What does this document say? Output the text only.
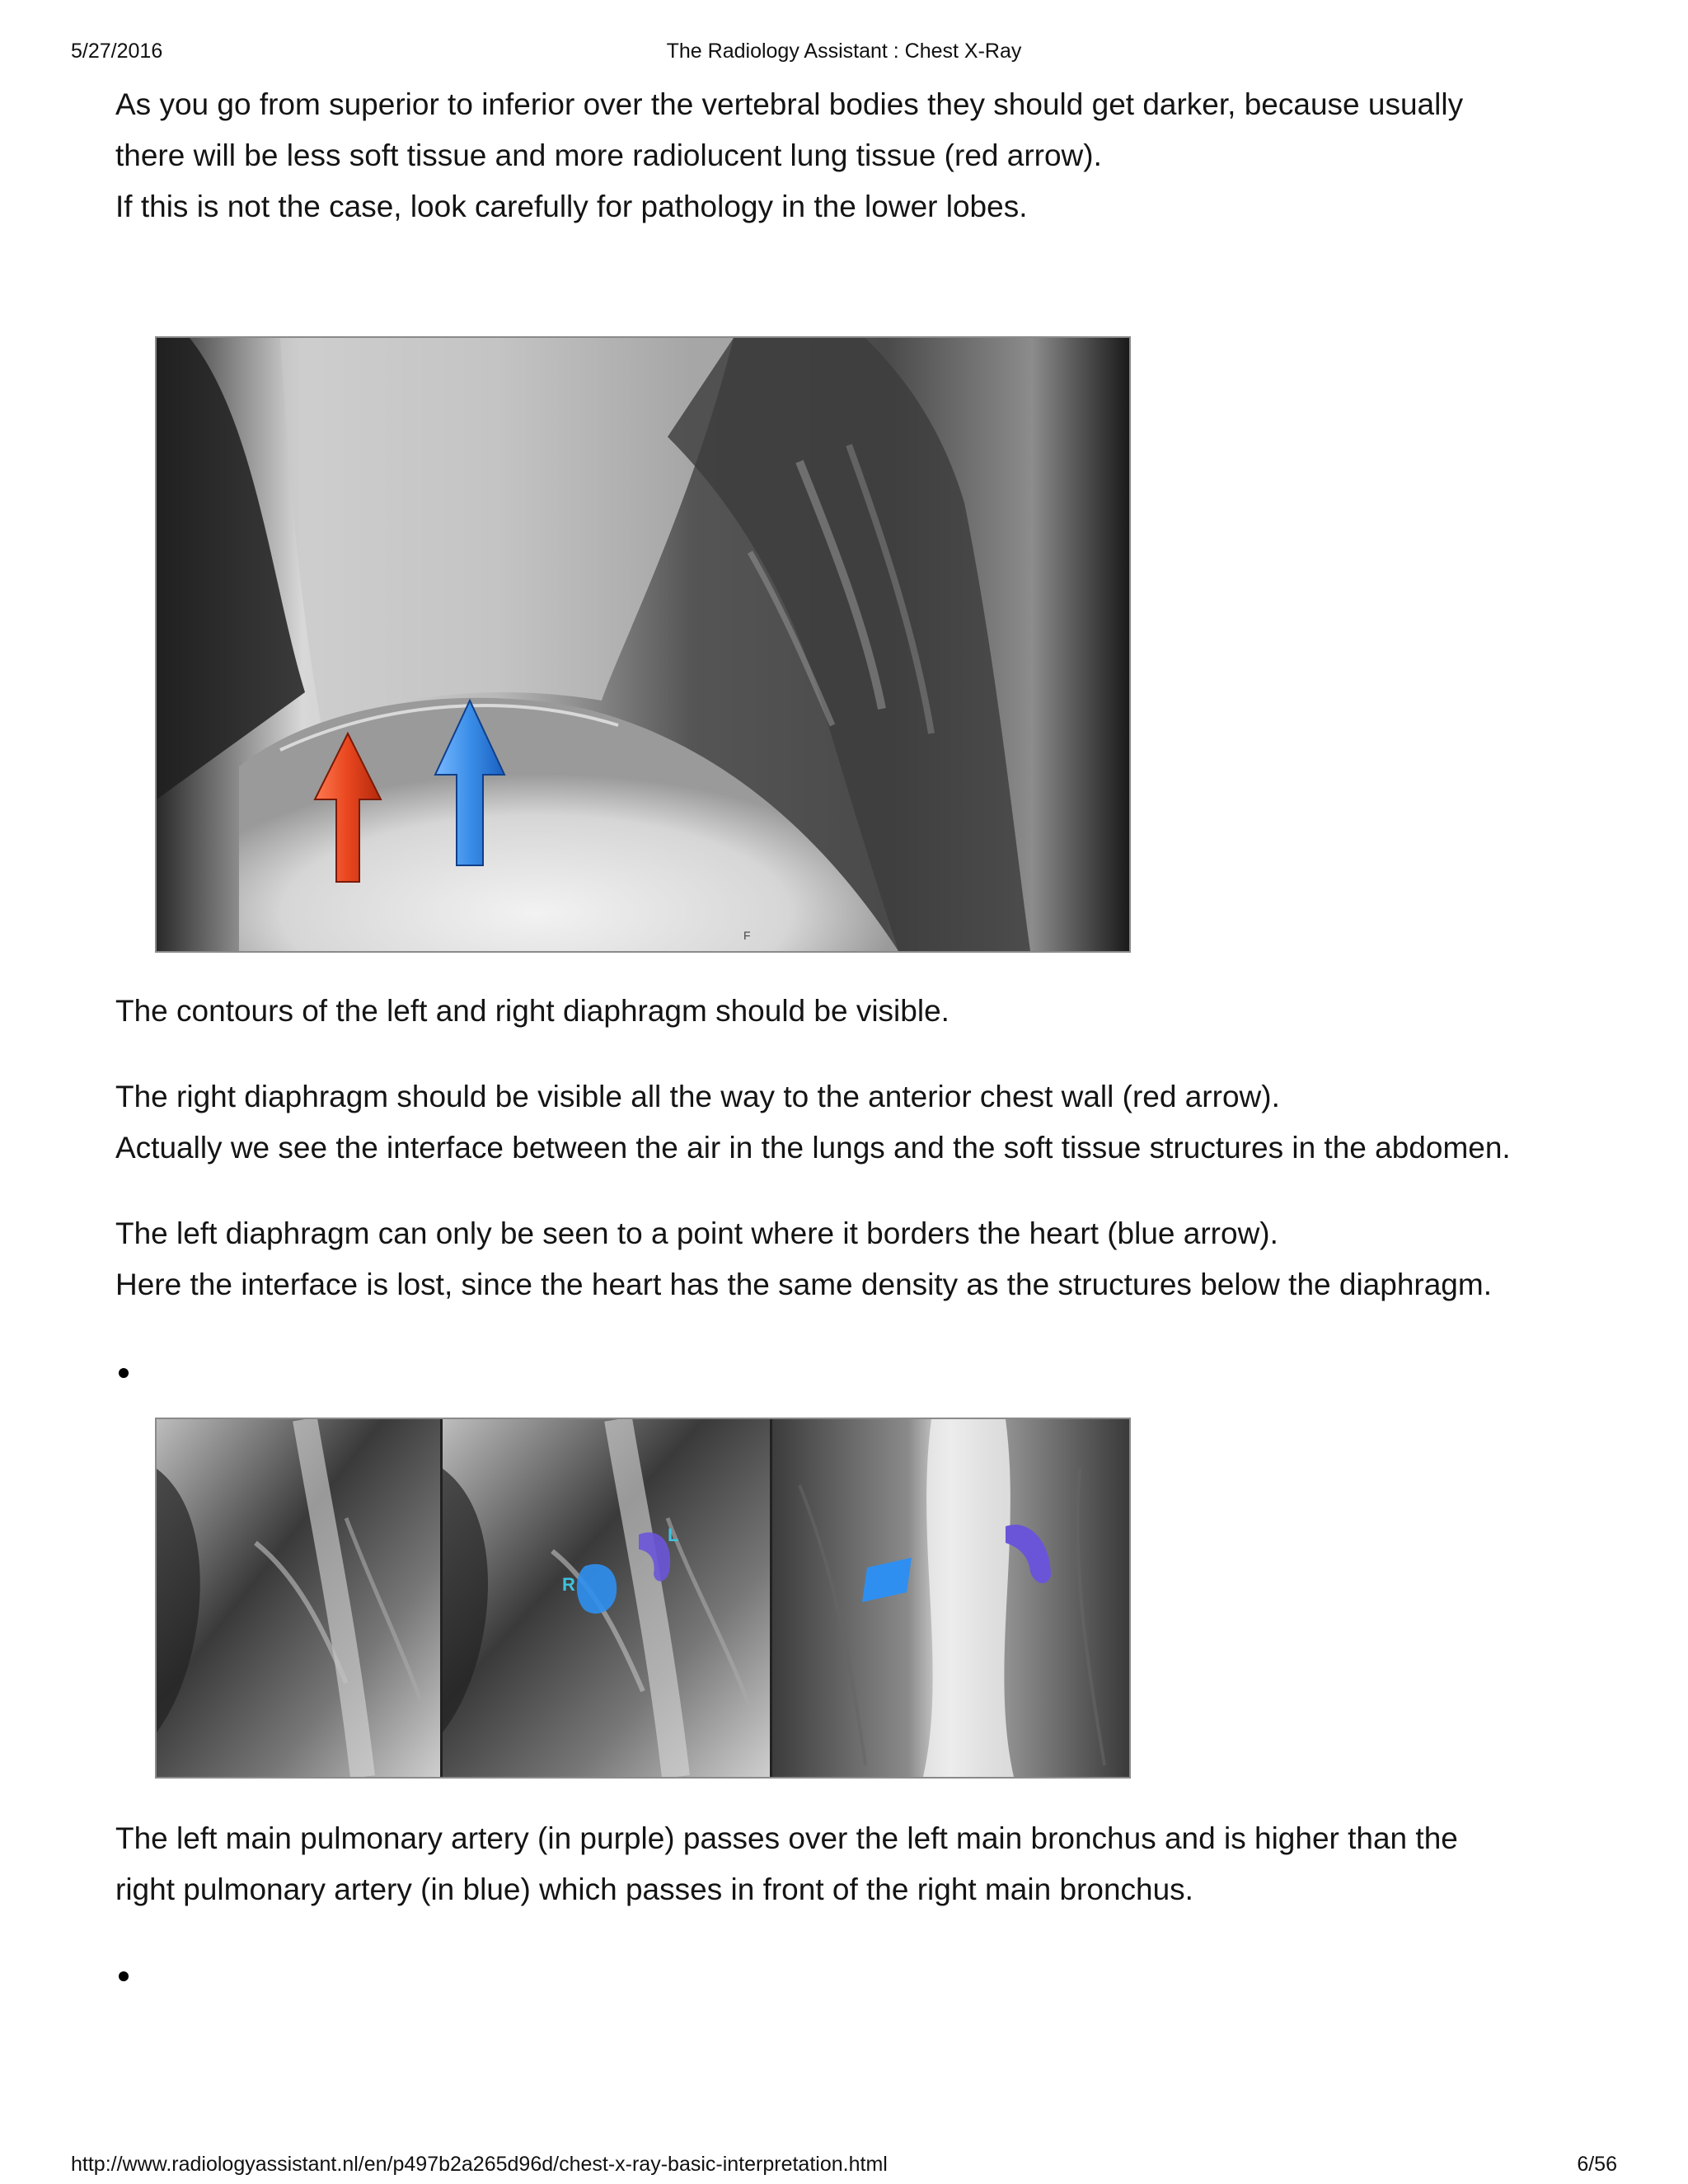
5/27/2016	The Radiology Assistant : Chest X-Ray
As you go from superior to inferior over the vertebral bodies they should get darker, because usually
there will be less soft tissue and more radiolucent lung tissue (red arrow).
If this is not the case, look carefully for pathology in the lower lobes.
F
The contours of the left and right diaphragm should be visible.
The right diaphragm should be visible all the way to the anterior chest wall (red arrow).
Actually we see the interface between the air in the lungs and the soft tissue structures in the abdomen.
The left diaphragm can only be seen to a point where it borders the heart (blue arrow).
Here the interface is lost, since the heart has the same density as the structures below the diaphragm.
R
L
The left main pulmonary artery (in purple) passes over the left main bronchus and is higher than the
right pulmonary artery (in blue) which passes in front of the right main bronchus.
http://www.radiologyassistant.nl/en/p497b2a265d96d/chest-x-ray-basic-interpretation.html	6/56
